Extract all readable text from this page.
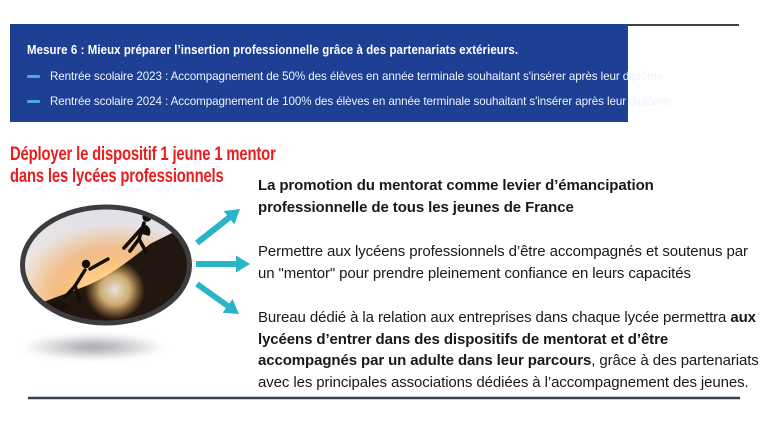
Mesure 6 : Mieux préparer l’insertion professionnelle grâce à des partenariats extérieurs.
Rentrée scolaire 2023 : Accompagnement de 50% des élèves en année terminale souhaitant s'insérer après leur diplôme
Rentrée scolaire 2024 : Accompagnement de 100% des élèves en année terminale souhaitant s'insérer après leur diplôme
Déployer le dispositif 1 jeune 1 mentor
dans les lycées professionnels	La promotion du mentorat comme levier d’émancipation professionnelle de tous les jeunes de France

Permettre aux lycéens professionnels d’être accompagnés et soutenus par un "mentor" pour prendre pleinement confiance en leurs capacités

Bureau dédié à la relation aux entreprises dans chaque lycée permettra aux lycéens d’entrer dans des dispositifs de mentorat et d’être accompagnés par un adulte dans leur parcours, grâce à des partenariats avec les principales associations dédiées à l’accompagnement des jeunes.
